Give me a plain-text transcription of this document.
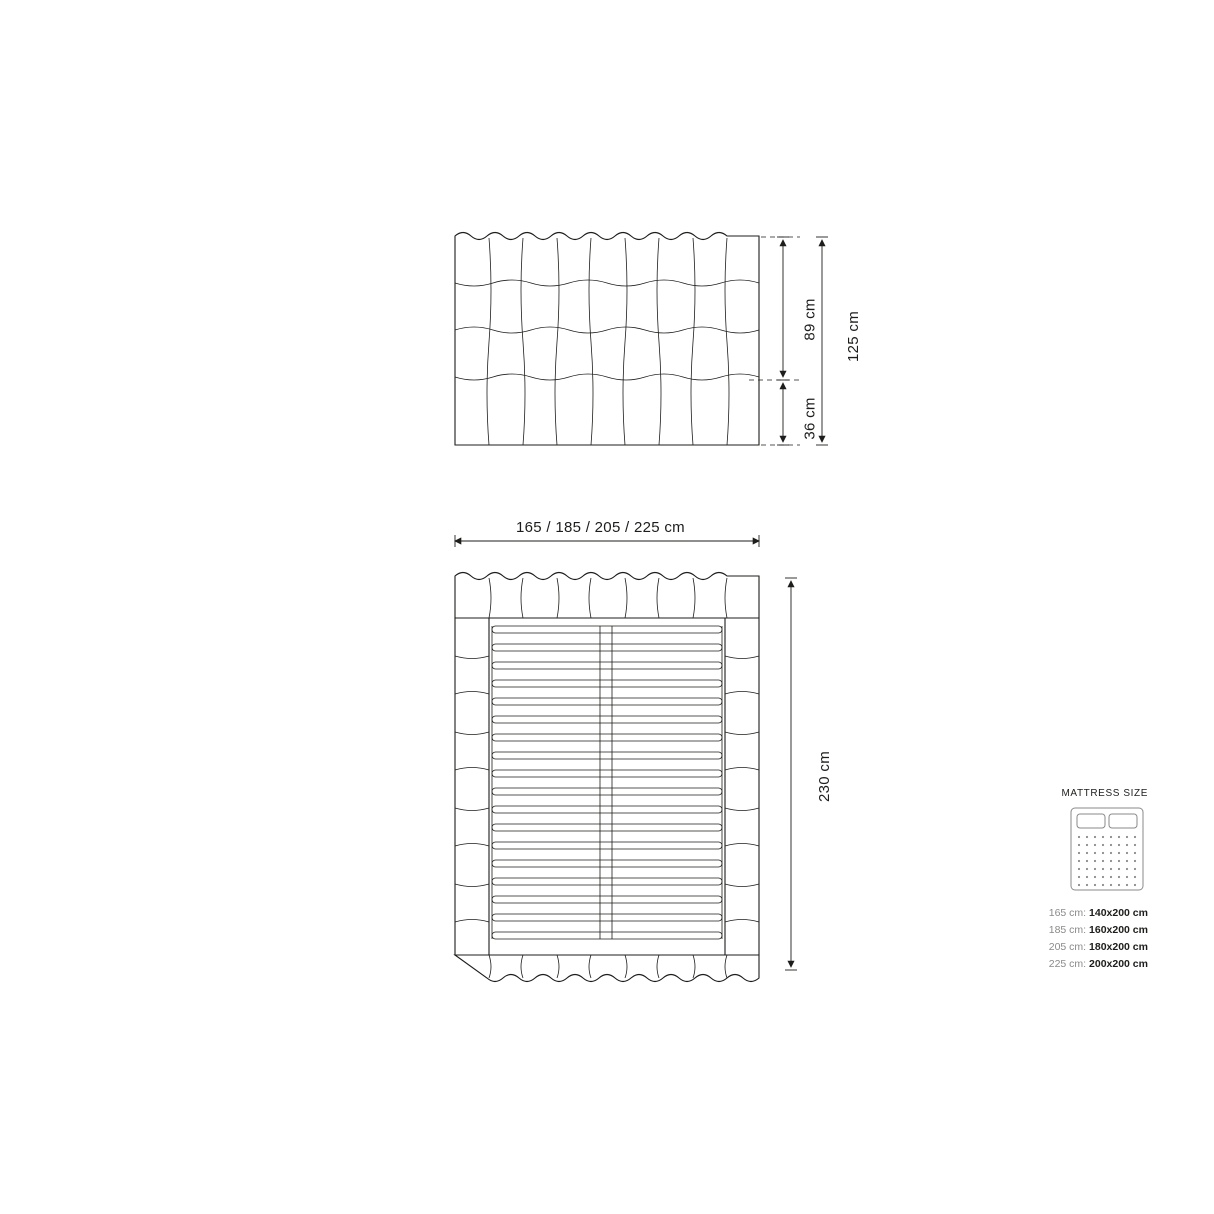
89 cm 125 cm
36 cm
165 / 185 / 205 / 225 cm
230 cm	MATTRESS SIZE
165 cm: 140x200 cm
185 cm: 160x200 cm
205 cm: 180x200 cm
225 cm: 200x200 cm
